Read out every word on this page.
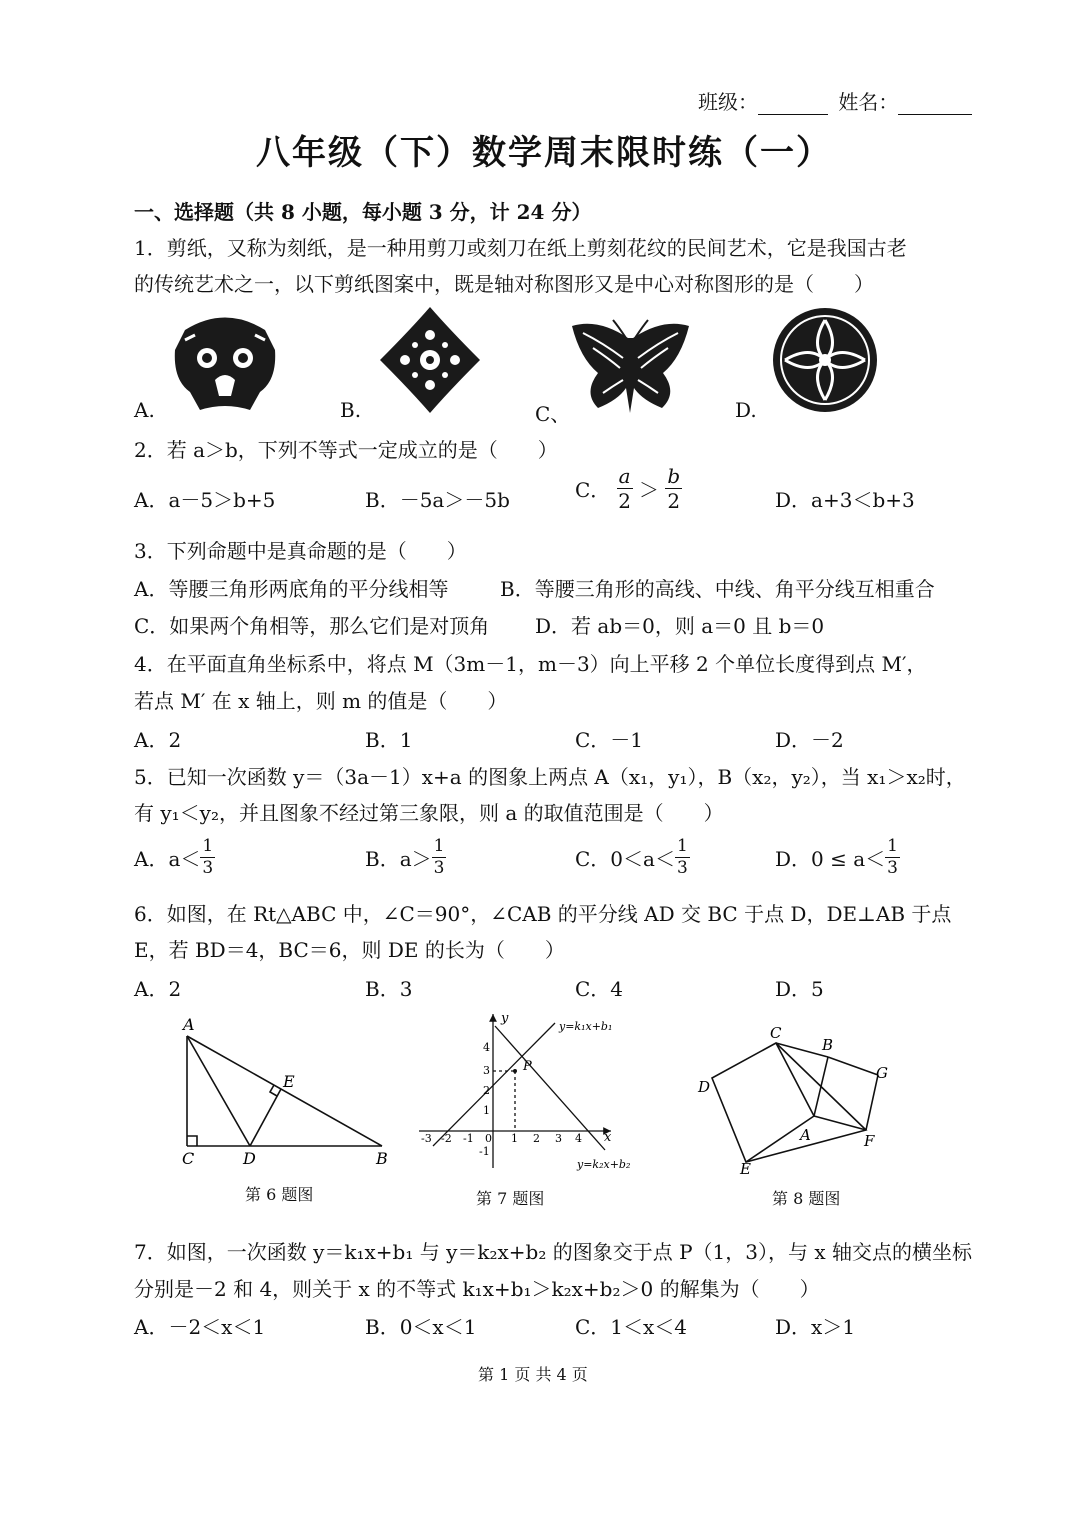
班级：	姓名：
八年级（下）数学周末限时练（一）
一、选择题（共 8 小题，每小题 3 分，计 24 分）
1．剪纸，又称为刻纸，是一种用剪刀或刻刀在纸上剪刻花纹的民间艺术，它是我国古老
的传统艺术之一，以下剪纸图案中，既是轴对称图形又是中心对称图形的是（　　）
A.	B.	C、	D.
2．若 a＞b，下列不等式一定成立的是（　　）
A．a－5＞b+5	B．－5a＞－5b	C． $\frac{a}{2} > \frac{b}{2}$	D．a+3＜b+3
3．下列命题中是真命题的是（　　）
A．等腰三角形两底角的平分线相等	B．等腰三角形的高线、中线、角平分线互相重合
C．如果两个角相等，那么它们是对顶角 D．若 ab＝0，则 a＝0 且 b＝0
4．在平面直角坐标系中，将点 M（3m－1，m－3）向上平移 2 个单位长度得到点 M′，
若点 M′ 在 x 轴上，则 m 的值是（　　）
A．2	B．1	C．－1	D．－2
5．已知一次函数 y＝（3a－1）x+a 的图象上两点 A（x₁，y₁），B（x₂，y₂），当 x₁＞x₂时，
有 y₁＜y₂，并且图象不经过第三象限，则 a 的取值范围是（　　）
A．$a< \frac{1}{3}$	B．$a> \frac{1}{3}$	C．$0<a< \frac{1}{3}$	D．$0 \le a< \frac{1}{3}$
6．如图，在 Rt△ABC 中，∠C＝90°，∠CAB 的平分线 AD 交 BC 于点 D，DE⊥AB 于点
E，若 BD＝4，BC＝6，则 DE 的长为（　　）
A．2	B．3	C．4	D．5
A
C	D	B
E
第 6 题图
y
x
P
y=k₁x+b₁
y=k₂x+b₂
-3 -2 -1 0 1 2 3 4
4
3
2
1
-1
第 7 题图
C
B
G
D
A	F
E
第 8 题图
7．如图，一次函数 y＝k₁x+b₁ 与 y＝k₂x+b₂ 的图象交于点 P（1，3），与 x 轴交点的横坐标
分别是－2 和 4，则关于 x 的不等式 k₁x+b₁＞k₂x+b₂＞0 的解集为（　　）
A．－2＜x＜1	B．0＜x＜1	C．1＜x＜4	D．x＞1
第 1 页 共 4 页
